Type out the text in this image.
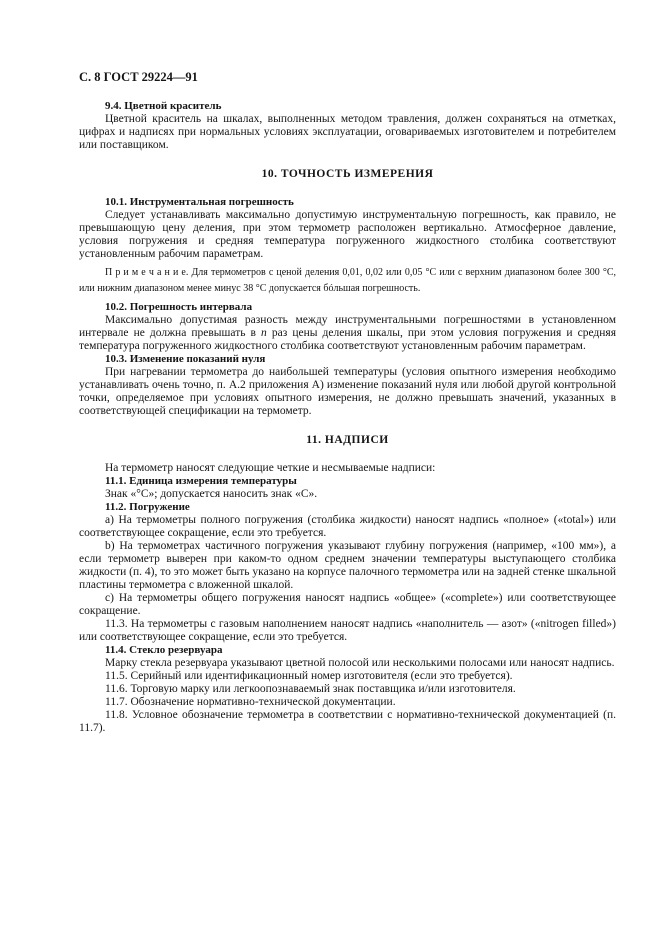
С. 8 ГОСТ 29224—91
9.4. Цветной краситель

Цветной краситель на шкалах, выполненных методом травления, должен сохраняться на отметках, цифрах и надписях при нормальных условиях эксплуатации, оговариваемых изготовителем и потребителем или поставщиком.

10. ТОЧНОСТЬ ИЗМЕРЕНИЯ
10.1. Инструментальная погрешность

Следует устанавливать максимально допустимую инструментальную погрешность, как правило, не превышающую цену деления, при этом термометр расположен вертикально. Атмосферное давление, условия погружения и средняя температура погруженного жидкостного столбика соответствуют установленным рабочим параметрам.

П р и м е ч а н и е. Для термометров с ценой деления 0,01, 0,02 или 0,05 °С или с верхним диапазоном более 300 °С, или нижним диапазоном менее минус 38 °С допускается бóльшая погрешность.

10.2. Погрешность интервала

Максимально допустимая разность между инструментальными погрешностями в установленном интервале не должна превышать в n раз цены деления шкалы, при этом условия погружения и средняя температура погруженного жидкостного столбика соответствуют установленным рабочим параметрам.

10.3. Изменение показаний нуля

При нагревании термометра до наибольшей температуры (условия опытного измерения необходимо устанавливать очень точно, п. А.2 приложения А) изменение показаний нуля или любой другой контрольной точки, определяемое при условиях опытного измерения, не должно превышать значений, указанных в соответствующей спецификации на термометр.

11. НАДПИСИ

На термометр наносят следующие четкие и несмываемые надписи:

11.1. Единица измерения температуры

Знак «°С»; допускается наносить знак «С».

11.2. Погружение

a) На термометры полного погружения (столбика жидкости) наносят надпись «полное» («total») или соответствующее сокращение, если это требуется.

b) На термометрах частичного погружения указывают глубину погружения (например, «100 мм»), а если термометр выверен при каком-то одном среднем значении температуры выступающего столбика жидкости (п. 4), то это может быть указано на корпусе палочного термометра или на задней стенке шкальной пластины термометра с вложенной шкалой.

c) На термометры общего погружения наносят надпись «общее» («complete») или соответствующее сокращение.

11.3. На термометры с газовым наполнением наносят надпись «наполнитель — азот» («nitrogen filled») или соответствующее сокращение, если это требуется.

11.4. Стекло резервуара

Марку стекла резервуара указывают цветной полосой или несколькими полосами или наносят надпись.

11.5. Серийный или идентификационный номер изготовителя (если это требуется).

11.6. Торговую марку или легкоопознаваемый знак поставщика и/или изготовителя.

11.7. Обозначение нормативно-технической документации.

11.8. Условное обозначение термометра в соответствии с нормативно-технической документацией (п. 11.7).
